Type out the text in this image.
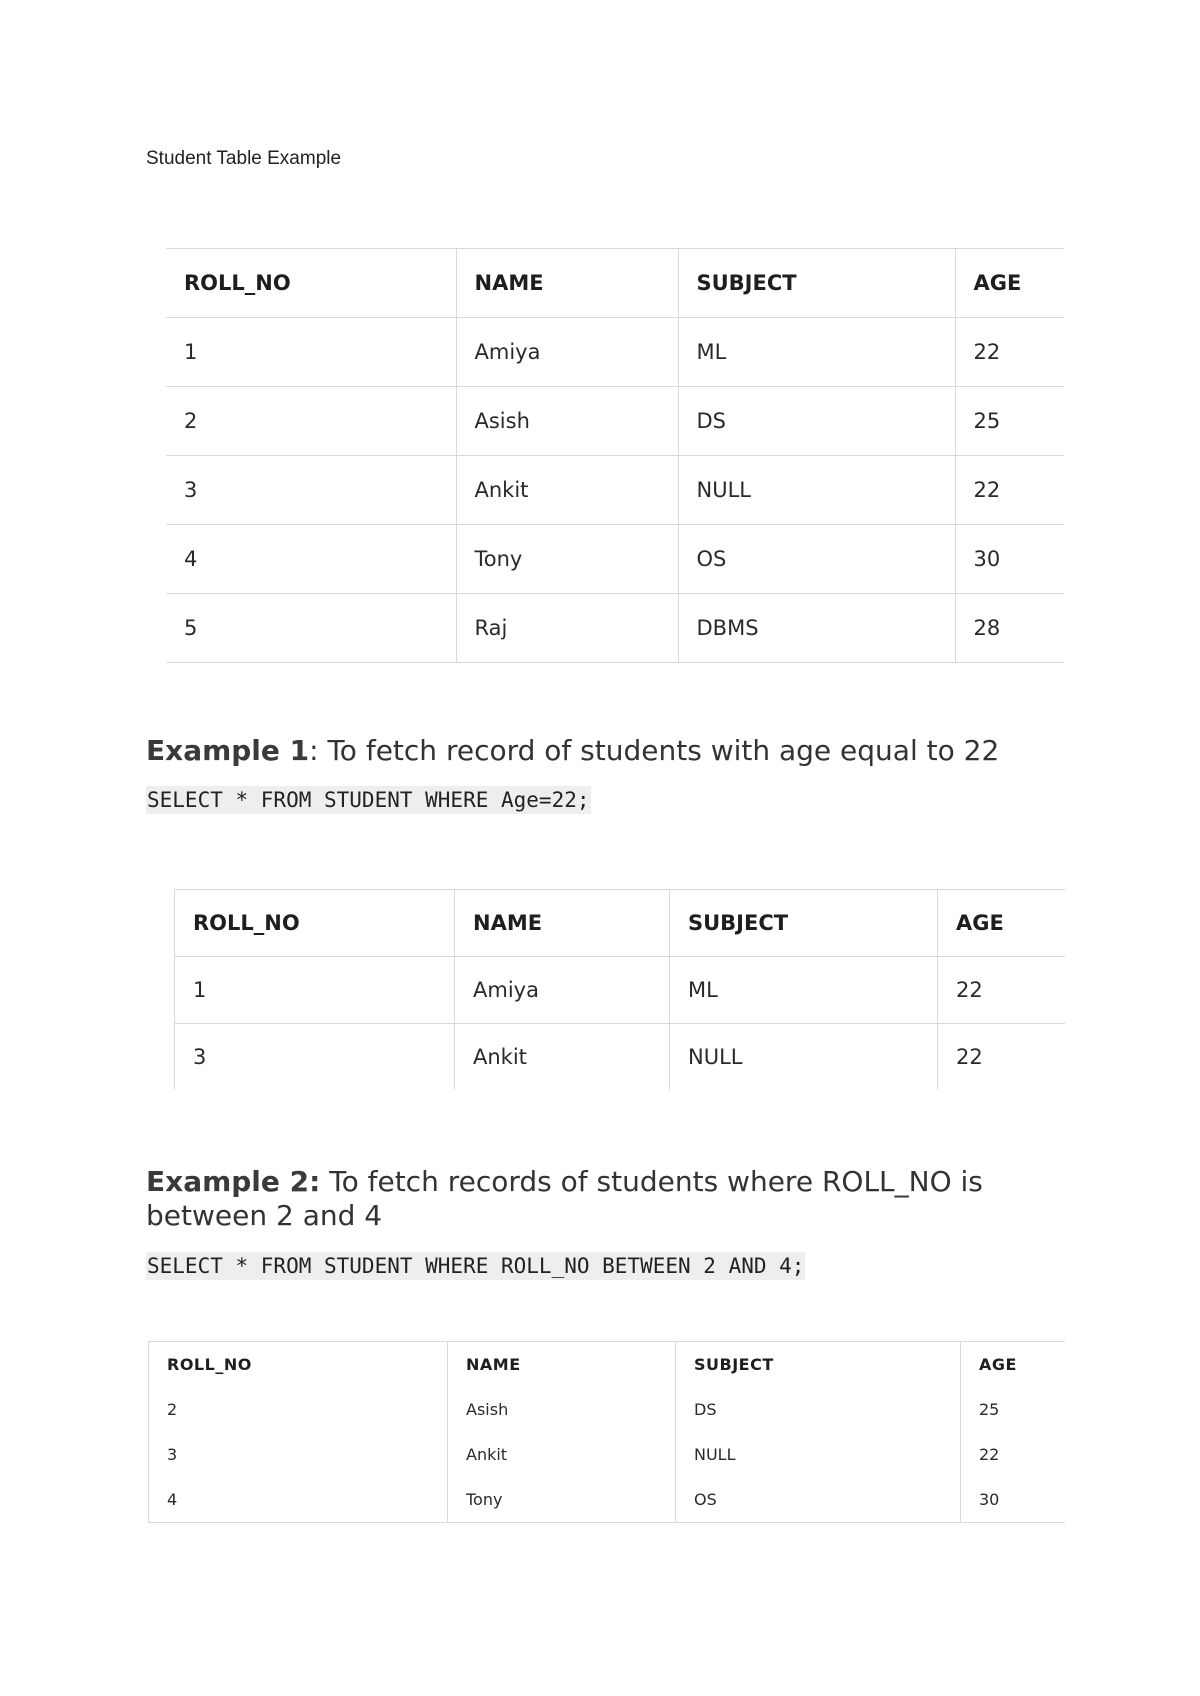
Student Table Example
ROLL_NO	NAME	SUBJECT	AGE
1	Amiya	ML	22
2	Asish	DS	25
3	Ankit	NULL	22
4	Tony	OS	30
5	Raj	DBMS	28
Example 1: To fetch record of students with age equal to 22
SELECT * FROM STUDENT WHERE Age=22;
ROLL_NO	NAME	SUBJECT	AGE
1	Amiya	ML	22
3	Ankit	NULL	22
Example 2: To fetch records of students where ROLL_NO is between 2 and 4
SELECT * FROM STUDENT WHERE ROLL_NO BETWEEN 2 AND 4;
ROLL_NO	NAME	SUBJECT	AGE
2	Asish	DS	25
3	Ankit	NULL	22
4	Tony	OS	30
